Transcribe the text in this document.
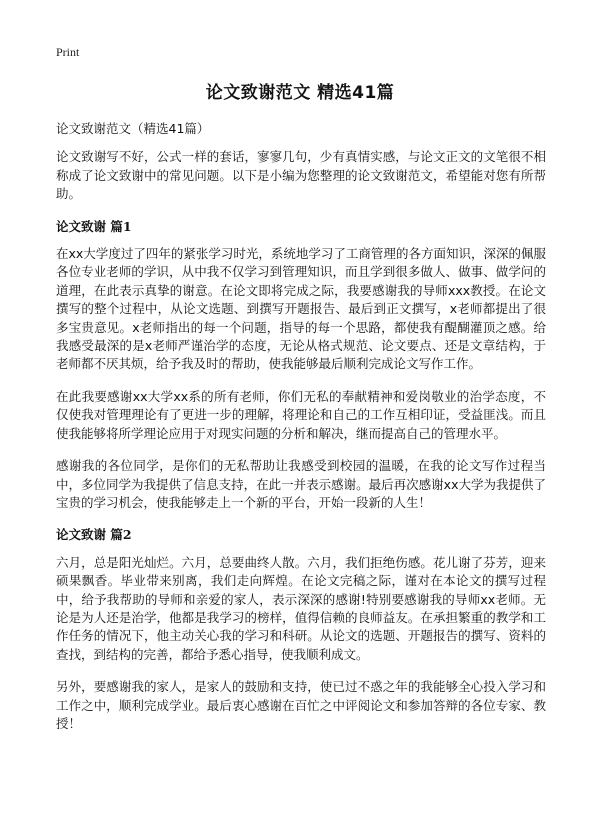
Print
论文致谢范文 精选41篇

论文致谢范文（精选41篇）

论文致谢写不好，公式一样的套话，寥寥几句，少有真情实感，与论文正文的文笔很不相称成了论文致谢中的常见问题。以下是小编为您整理的论文致谢范文，希望能对您有所帮助。

论文致谢 篇1

在xx大学度过了四年的紧张学习时光，系统地学习了工商管理的各方面知识，深深的佩服各位专业老师的学识，从中我不仅学习到管理知识，而且学到很多做人、做事、做学问的道理，在此表示真挚的谢意。在论文即将完成之际，我要感谢我的导师xxx教授。在论文撰写的整个过程中，从论文选题、到撰写开题报告、最后到正文撰写，x老师都提出了很多宝贵意见。x老师指出的每一个问题，指导的每一个思路，都使我有醍醐灌顶之感。给我感受最深的是x老师严谨治学的态度，无论从格式规范、论文要点、还是文章结构，于老师都不厌其烦，给予我及时的帮助，使我能够最后顺利完成论文写作工作。

在此我要感谢xx大学xx系的所有老师，你们无私的奉献精神和爱岗敬业的治学态度，不仅使我对管理理论有了更进一步的理解，将理论和自己的工作互相印证，受益匪浅。而且使我能够将所学理论应用于对现实问题的分析和解决，继而提高自己的管理水平。

感谢我的各位同学，是你们的无私帮助让我感受到校园的温暖，在我的论文写作过程当中，多位同学为我提供了信息支持，在此一并表示感谢。最后再次感谢xx大学为我提供了宝贵的学习机会，使我能够走上一个新的平台，开始一段新的人生！

论文致谢 篇2

六月，总是阳光灿烂。六月，总要曲终人散。六月，我们拒绝伤感。花儿谢了芬芳，迎来硕果飘香。毕业带来别离，我们走向辉煌。在论文完稿之际，谨对在本论文的撰写过程中，给予我帮助的导师和亲爱的家人，表示深深的感谢!特别要感谢我的导师xx老师。无论是为人还是治学，他都是我学习的榜样，值得信赖的良师益友。在承担繁重的教学和工作任务的情况下，他主动关心我的学习和科研。从论文的选题、开题报告的撰写、资料的查找，到结构的完善，都给予悉心指导，使我顺利成文。

另外，要感谢我的家人，是家人的鼓励和支持，使已过不惑之年的我能够全心投入学习和工作之中，顺利完成学业。最后衷心感谢在百忙之中评阅论文和参加答辩的各位专家、教授！
